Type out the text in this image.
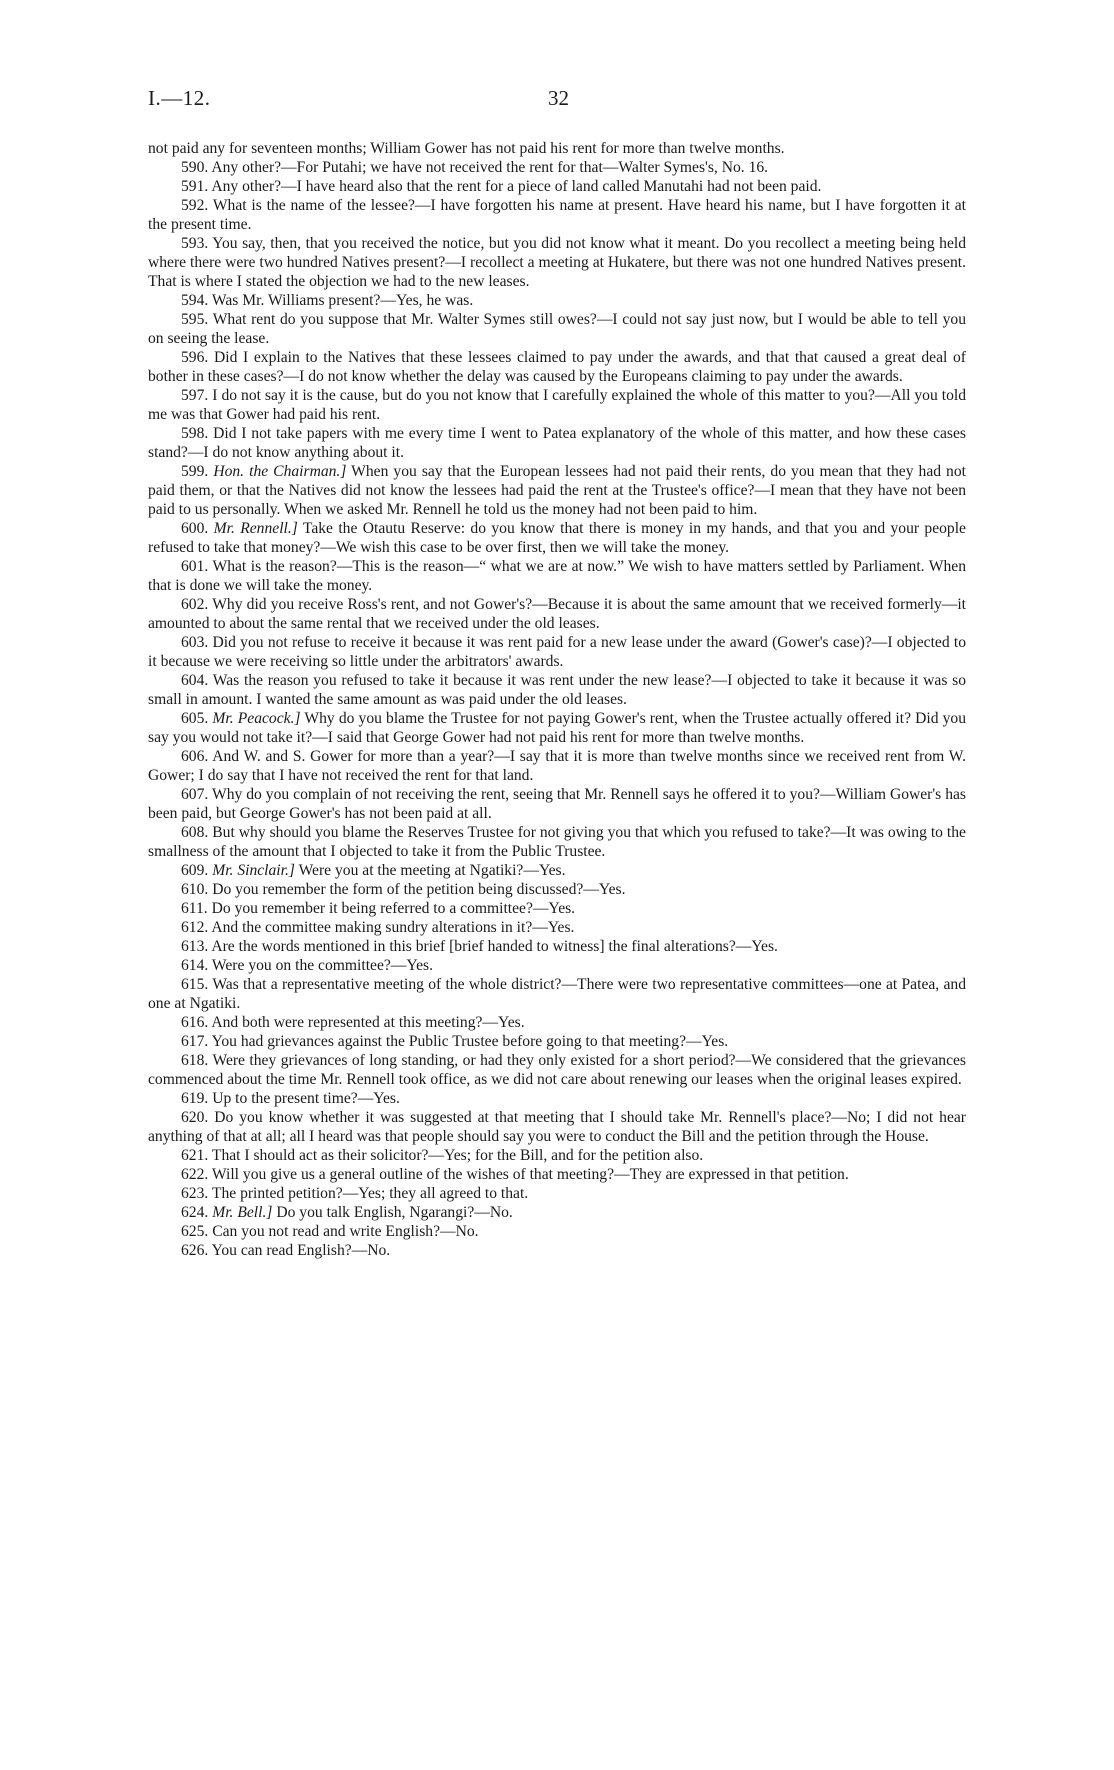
I.—12.	32

not paid any for seventeen months; William Gower has not paid his rent for more than twelve months.

590. Any other?—For Putahi; we have not received the rent for that—Walter Symes's, No. 16.

591. Any other?—I have heard also that the rent for a piece of land called Manutahi had not been paid.

592. What is the name of the lessee?—I have forgotten his name at present. Have heard his name, but I have forgotten it at the present time.

593. You say, then, that you received the notice, but you did not know what it meant. Do you recollect a meeting being held where there were two hundred Natives present?—I recollect a meeting at Hukatere, but there was not one hundred Natives present. That is where I stated the objection we had to the new leases.

594. Was Mr. Williams present?—Yes, he was.

595. What rent do you suppose that Mr. Walter Symes still owes?—I could not say just now, but I would be able to tell you on seeing the lease.

596. Did I explain to the Natives that these lessees claimed to pay under the awards, and that that caused a great deal of bother in these cases?—I do not know whether the delay was caused by the Europeans claiming to pay under the awards.

597. I do not say it is the cause, but do you not know that I carefully explained the whole of this matter to you?—All you told me was that Gower had paid his rent.

598. Did I not take papers with me every time I went to Patea explanatory of the whole of this matter, and how these cases stand?—I do not know anything about it.

599. Hon. the Chairman.] When you say that the European lessees had not paid their rents, do you mean that they had not paid them, or that the Natives did not know the lessees had paid the rent at the Trustee's office?—I mean that they have not been paid to us personally. When we asked Mr. Rennell he told us the money had not been paid to him.

600. Mr. Rennell.] Take the Otautu Reserve: do you know that there is money in my hands, and that you and your people refused to take that money?—We wish this case to be over first, then we will take the money.

601. What is the reason?—This is the reason—“ what we are at now.” We wish to have matters settled by Parliament. When that is done we will take the money.

602. Why did you receive Ross's rent, and not Gower's?—Because it is about the same amount that we received formerly—it amounted to about the same rental that we received under the old leases.

603. Did you not refuse to receive it because it was rent paid for a new lease under the award (Gower's case)?—I objected to it because we were receiving so little under the arbitrators' awards.

604. Was the reason you refused to take it because it was rent under the new lease?—I objected to take it because it was so small in amount. I wanted the same amount as was paid under the old leases.

605. Mr. Peacock.] Why do you blame the Trustee for not paying Gower's rent, when the Trustee actually offered it? Did you say you would not take it?—I said that George Gower had not paid his rent for more than twelve months.

606. And W. and S. Gower for more than a year?—I say that it is more than twelve months since we received rent from W. Gower; I do say that I have not received the rent for that land.

607. Why do you complain of not receiving the rent, seeing that Mr. Rennell says he offered it to you?—William Gower's has been paid, but George Gower's has not been paid at all.

608. But why should you blame the Reserves Trustee for not giving you that which you refused to take?—It was owing to the smallness of the amount that I objected to take it from the Public Trustee.

609. Mr. Sinclair.] Were you at the meeting at Ngatiki?—Yes.

610. Do you remember the form of the petition being discussed?—Yes.

611. Do you remember it being referred to a committee?—Yes.

612. And the committee making sundry alterations in it?—Yes.

613. Are the words mentioned in this brief [brief handed to witness] the final alterations?—Yes.

614. Were you on the committee?—Yes.

615. Was that a representative meeting of the whole district?—There were two representative committees—one at Patea, and one at Ngatiki.

616. And both were represented at this meeting?—Yes.

617. You had grievances against the Public Trustee before going to that meeting?—Yes.

618. Were they grievances of long standing, or had they only existed for a short period?—We considered that the grievances commenced about the time Mr. Rennell took office, as we did not care about renewing our leases when the original leases expired.

619. Up to the present time?—Yes.

620. Do you know whether it was suggested at that meeting that I should take Mr. Rennell's place?—No; I did not hear anything of that at all; all I heard was that people should say you were to conduct the Bill and the petition through the House.

621. That I should act as their solicitor?—Yes; for the Bill, and for the petition also.

622. Will you give us a general outline of the wishes of that meeting?—They are expressed in that petition.

623. The printed petition?—Yes; they all agreed to that.

624. Mr. Bell.] Do you talk English, Ngarangi?—No.

625. Can you not read and write English?—No.

626. You can read English?—No.
